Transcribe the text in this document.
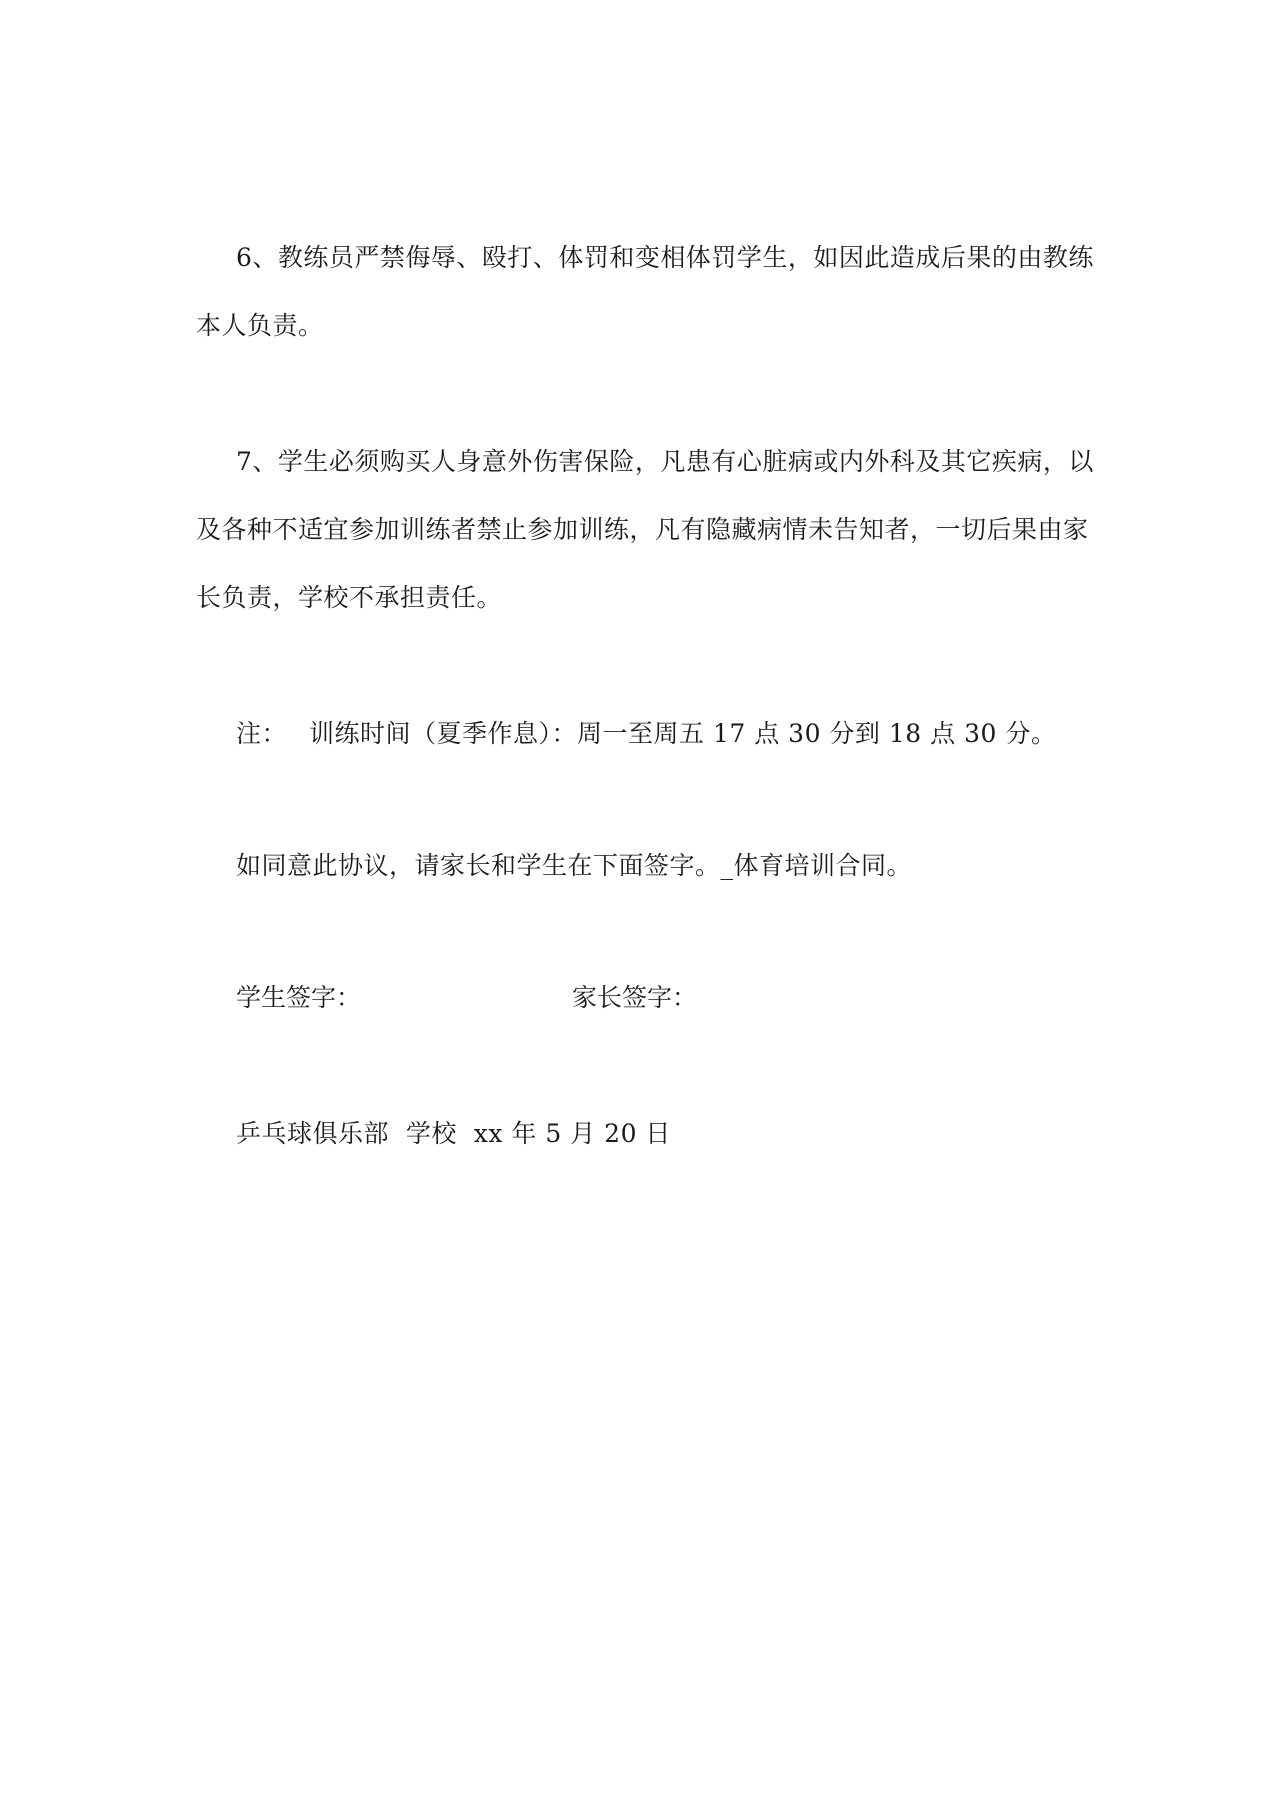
6、教练员严禁侮辱、殴打、体罚和变相体罚学生，如因此造成后果的由教练本人负责。

7、学生必须购买人身意外伤害保险，凡患有心脏病或内外科及其它疾病，以及各种不适宜参加训练者禁止参加训练，凡有隐藏病情未告知者，一切后果由家长负责，学校不承担责任。

注： 训练时间（夏季作息）：周一至周五 17 点 30 分到 18 点 30 分。

如同意此协议，请家长和学生在下面签字。_体育培训合同。

学生签字：	家长签字：

乒乓球俱乐部  学校  xx 年 5 月 20 日
